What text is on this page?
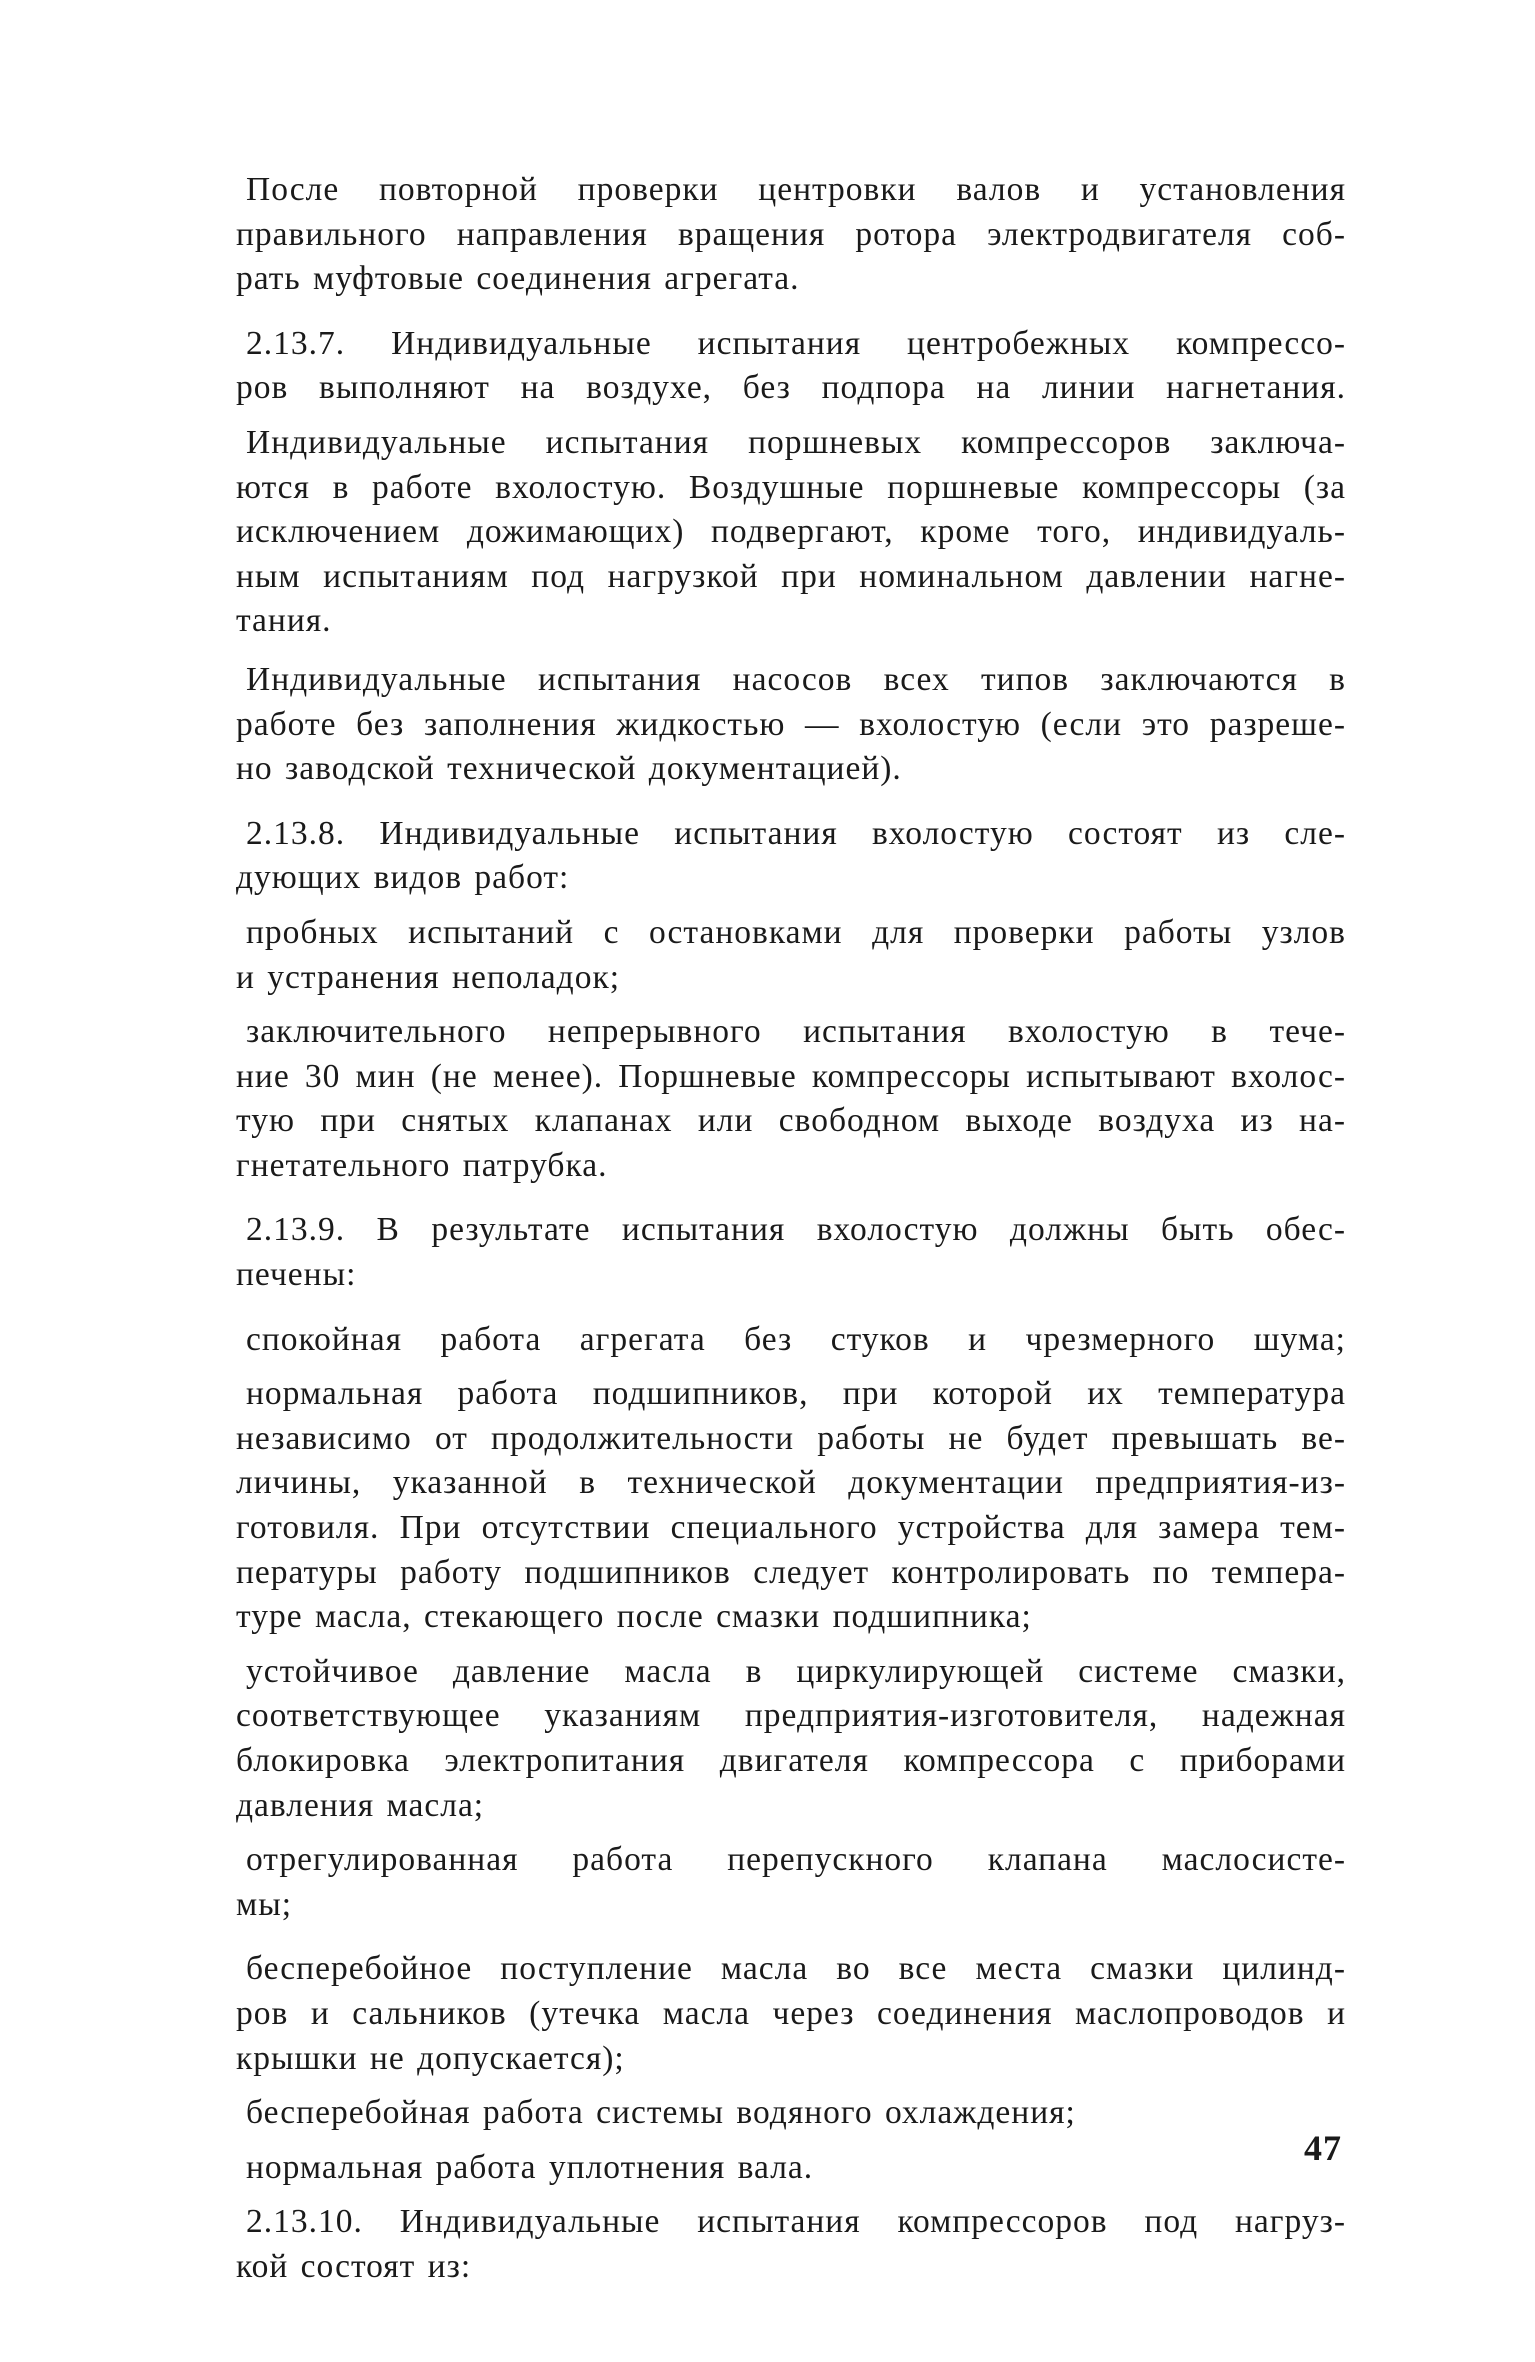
После повторной проверки центровки валов и установления
правильного направления вращения ротора электродвигателя соб-
рать муфтовые соединения агрегата.

2.13.7. Индивидуальные испытания центробежных компрессо-
ров выполняют на воздухе, без подпора на линии нагнетания.

Индивидуальные испытания поршневых компрессоров заключа-
ются в работе вхолостую. Воздушные поршневые компрессоры (за
исключением дожимающих) подвергают, кроме того, индивидуаль-
ным испытаниям под нагрузкой при номинальном давлении нагне-
тания.

Индивидуальные испытания насосов всех типов заключаются в
работе без заполнения жидкостью — вхолостую (если это разреше-
но заводской технической документацией).

2.13.8. Индивидуальные испытания вхолостую состоят из сле-
дующих видов работ:

пробных испытаний с остановками для проверки работы узлов
и устранения неполадок;

заключительного непрерывного испытания вхолостую в тече-
ние 30 мин (не менее). Поршневые компрессоры испытывают вхолос-
тую при снятых клапанах или свободном выходе воздуха из на-
гнетательного патрубка.

2.13.9. В результате испытания вхолостую должны быть обес-
печены:

спокойная работа агрегата без стуков и чрезмерного шума;

нормальная работа подшипников, при которой их температура
независимо от продолжительности работы не будет превышать ве-
личины, указанной в технической документации предприятия-из-
готовиля. При отсутствии специального устройства для замера тем-
пературы работу подшипников следует контролировать по темпера-
туре масла, стекающего после смазки подшипника;

устойчивое давление масла в циркулирующей системе смазки,
соответствующее указаниям предприятия-изготовителя, надежная
блокировка электропитания двигателя компрессора с приборами
давления масла;

отрегулированная работа перепускного клапана маслосисте-
мы;

бесперебойное поступление масла во все места смазки цилинд-
ров и сальников (утечка масла через соединения маслопроводов и
крышки не допускается);

бесперебойная работа системы водяного охлаждения;

нормальная работа уплотнения вала.

2.13.10. Индивидуальные испытания компрессоров под нагруз-
кой состоят из:

47
